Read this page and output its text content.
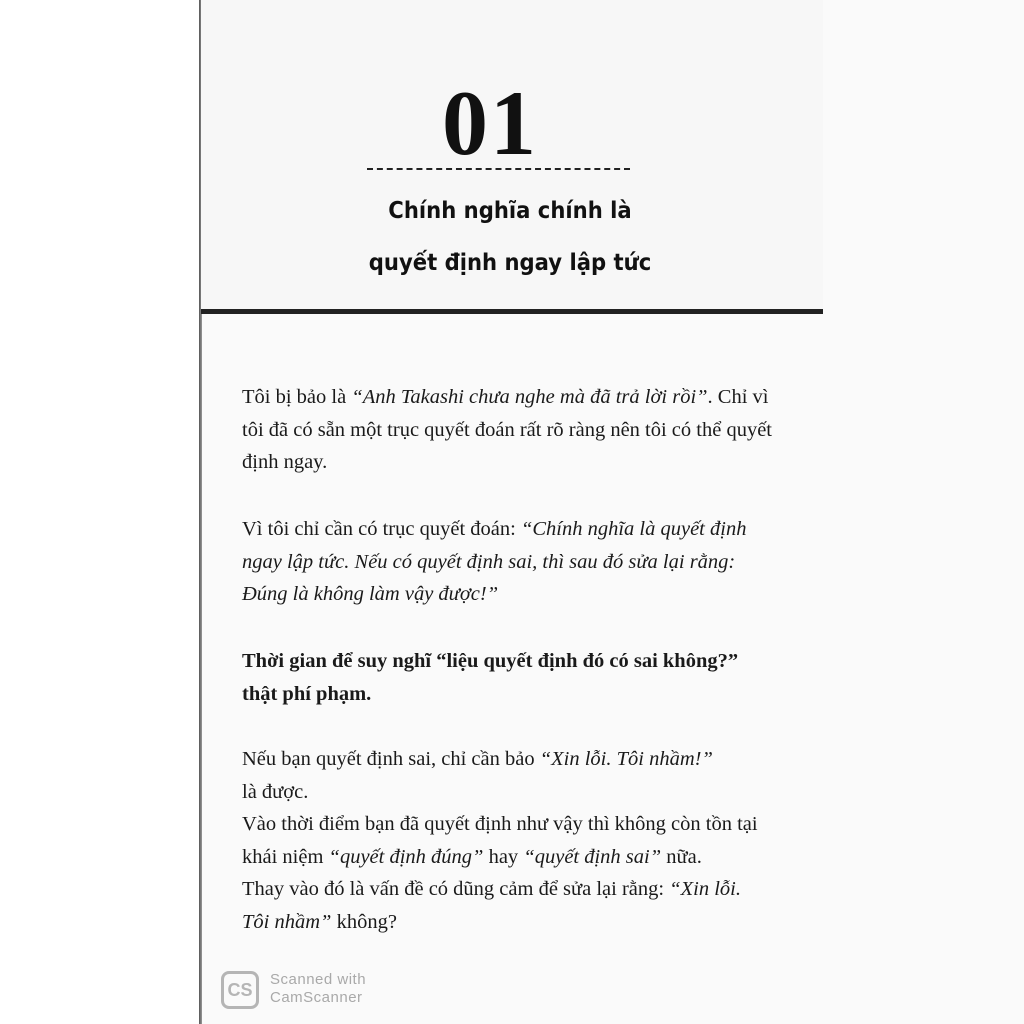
01
Chính nghĩa chính là
quyết định ngay lập tức
Tôi bị bảo là “Anh Takashi chưa nghe mà đã trả lời rồi”. Chỉ vì tôi đã có sẵn một trục quyết đoán rất rõ ràng nên tôi có thể quyết định ngay.
Vì tôi chỉ cần có trục quyết đoán: “Chính nghĩa là quyết định ngay lập tức. Nếu có quyết định sai, thì sau đó sửa lại rằng: Đúng là không làm vậy được!”
Thời gian để suy nghĩ “liệu quyết định đó có sai không?” thật phí phạm.
Nếu bạn quyết định sai, chỉ cần bảo “Xin lỗi. Tôi nhầm!”
là được.
Vào thời điểm bạn đã quyết định như vậy thì không còn tồn tại khái niệm “quyết định đúng” hay “quyết định sai” nữa.
Thay vào đó là vấn đề có dũng cảm để sửa lại rằng: “Xin lỗi. Tôi nhầm” không?
CS	Scanned with
CamScanner
